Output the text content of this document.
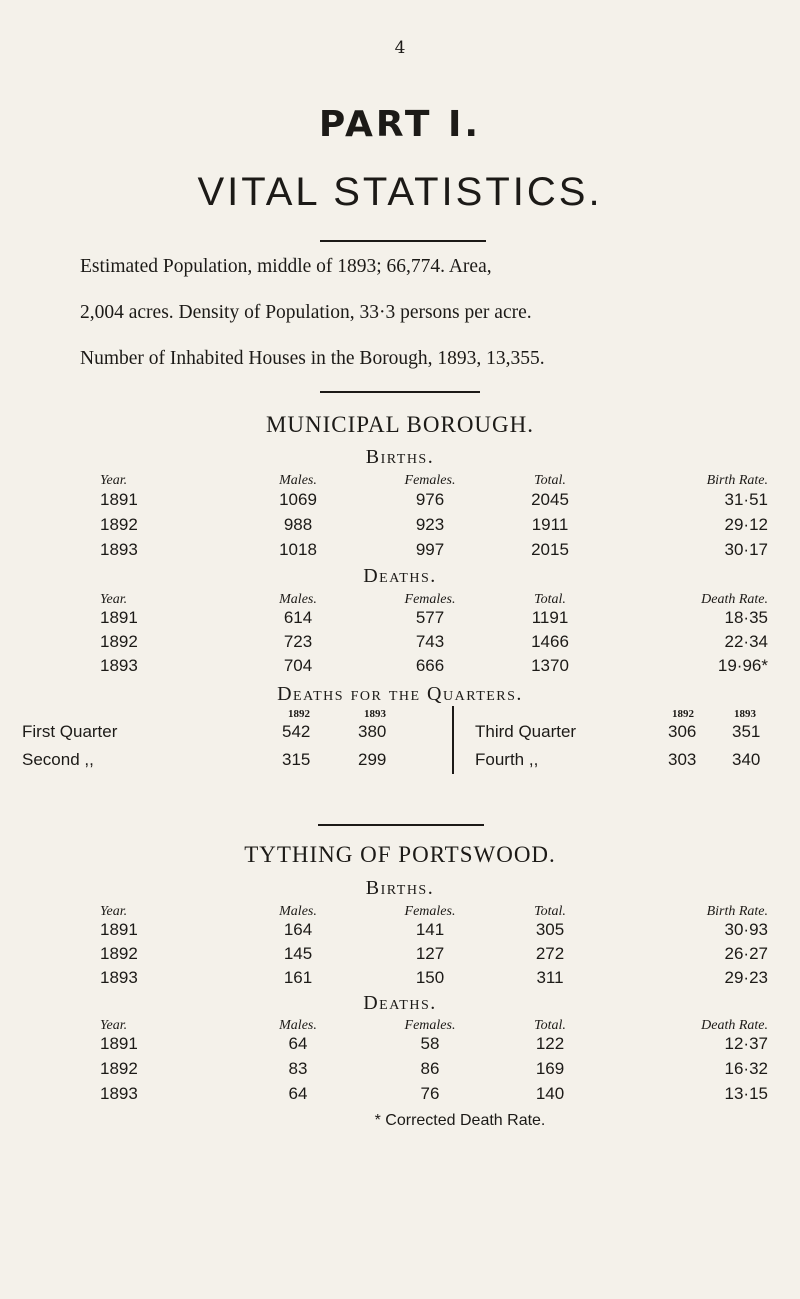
4
PART I.
VITAL STATISTICS.
Estimated Population, middle of 1893; 66,774. Area,
2,004 acres. Density of Population, 33·3 persons per acre.
Number of Inhabited Houses in the Borough, 1893, 13,355.
MUNICIPAL BOROUGH.
Births.
Year.	Males.	Females.	Total.	Birth Rate.
1891	1069	976	2045	31·51
1892	988	923	1911	29·12
1893	1018	997	2015	30·17
Deaths.
Year.	Males.	Females.	Total.	Death Rate.
1891	614	577	1191	18·35
1892	723	743	1466	22·34
1893	704	666	1370	19·96*
Deaths for the Quarters.
1892	1893	1892	1893
First Quarter	542	380	Third Quarter	306 351
Second ,,	315	299	Fourth ,,	303 340
TYTHING OF PORTSWOOD.
Births.
Year.	Males.	Females.	Total.	Birth Rate.
1891	164	141	305	30·93
1892	145	127	272	26·27
1893	161	150	311	29·23
Deaths.
Year.	Males.	Females.	Total.	Death Rate.
1891	64	58	122	12·37
1892	83	86	169	16·32
1893	64	76	140	13·15
* Corrected Death Rate.
